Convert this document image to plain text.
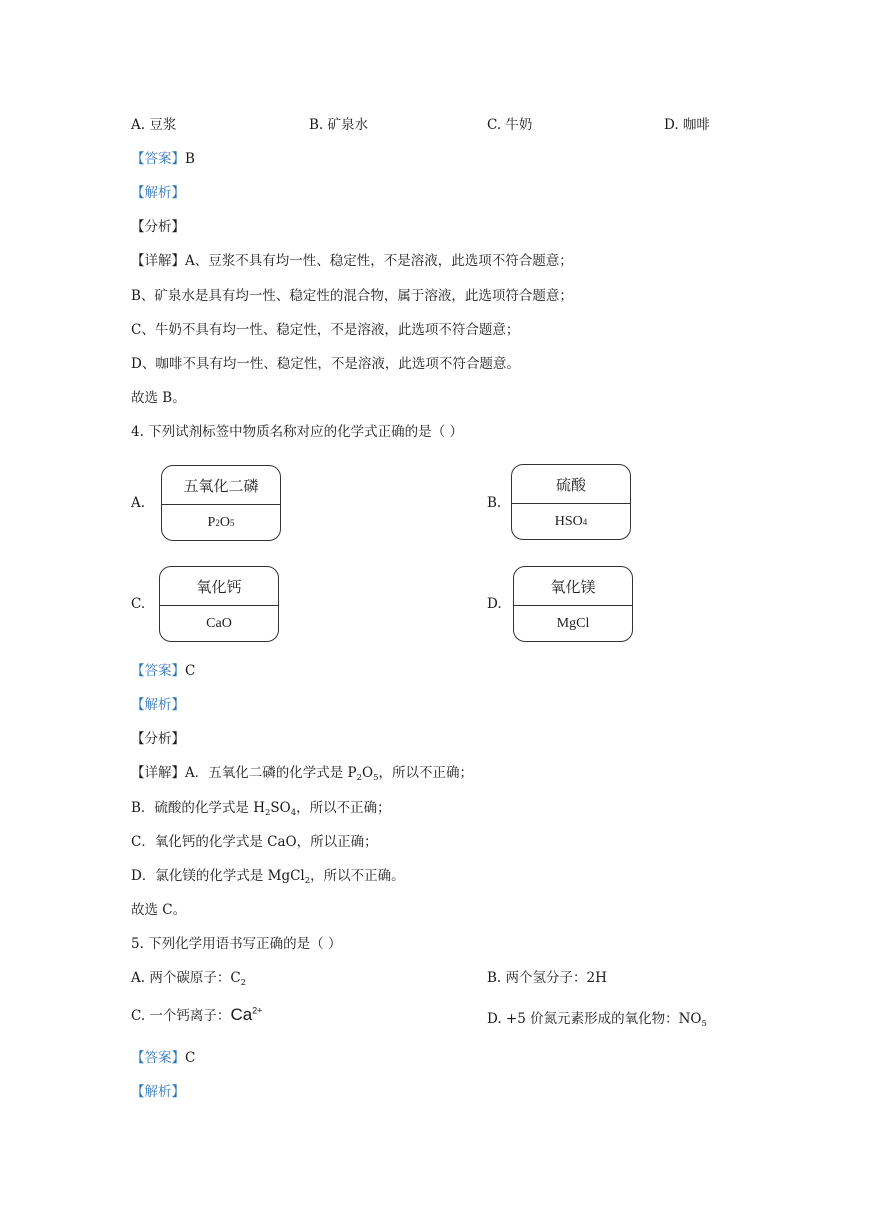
A. 豆浆	B. 矿泉水	C. 牛奶	D. 咖啡
【答案】B
【解析】
【分析】
【详解】A、豆浆不具有均一性、稳定性，不是溶液，此选项不符合题意；
B、矿泉水是具有均一性、稳定性的混合物，属于溶液，此选项符合题意；
C、牛奶不具有均一性、稳定性，不是溶液，此选项不符合题意；
D、咖啡不具有均一性、稳定性，不是溶液，此选项不符合题意。
故选 B。
4. 下列试剂标签中物质名称对应的化学式正确的是（ ）
A.
五氧化二磷
P 2 O 5
B.
硫酸
HSO 4
C.
氧化钙
CaO
D.
氧化镁
MgCl
【答案】C
【解析】
【分析】
【详解】A．五氧化二磷的化学式是 $P_2O_5$，所以不正确；
B．硫酸的化学式是 $H_2SO_4$，所以不正确；
C．氧化钙的化学式是 CaO，所以正确；
D．氯化镁的化学式是 MgCl$_2$，所以不正确。
故选 C。
5. 下列化学用语书写正确的是（ ）
A. 两个碳原子：$C_2$	B. 两个氢分子：2H
C. 一个钙离子：$Ca^{2+}$
D. +5 价氮元素形成的氧化物：$NO_5$
【答案】C
【解析】
